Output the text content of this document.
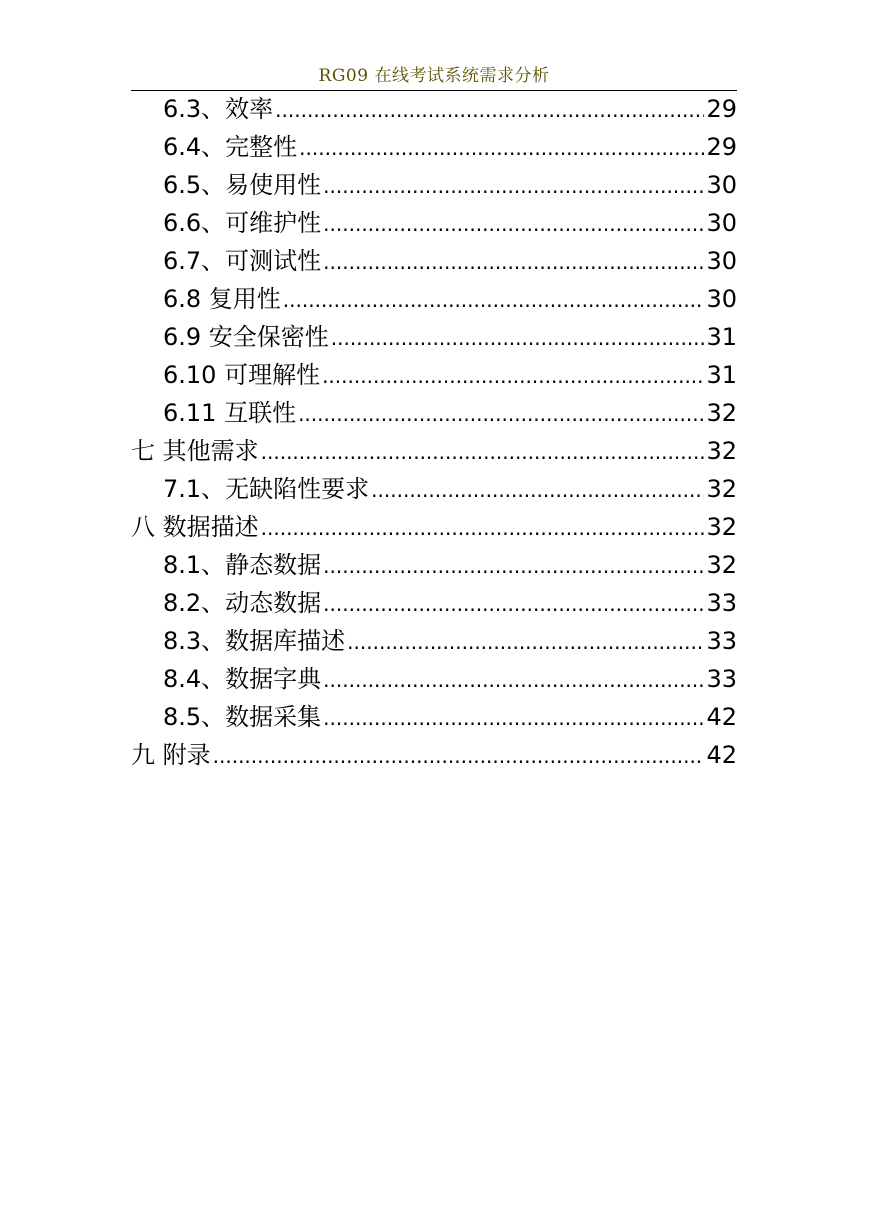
RG09 在线考试系统需求分析
6.3、效率 .....	29
6.4、完整性 .....	29
6.5、易使用性 .....	30
6.6、可维护性 .....	30
6.7、可测试性 .....	30
6.8 复用性 .....	30
6.9 安全保密性 .....	31
6.10 可理解性 .....	31
6.11 互联性 .....	32
七 其他需求 .....	32
7.1、无缺陷性要求 .....	32
八 数据描述 .....	32
8.1、静态数据 .....	32
8.2、动态数据 .....	33
8.3、数据库描述 .....	33
8.4、数据字典 .....	33
8.5、数据采集 .....	42
九 附录 .....	42
